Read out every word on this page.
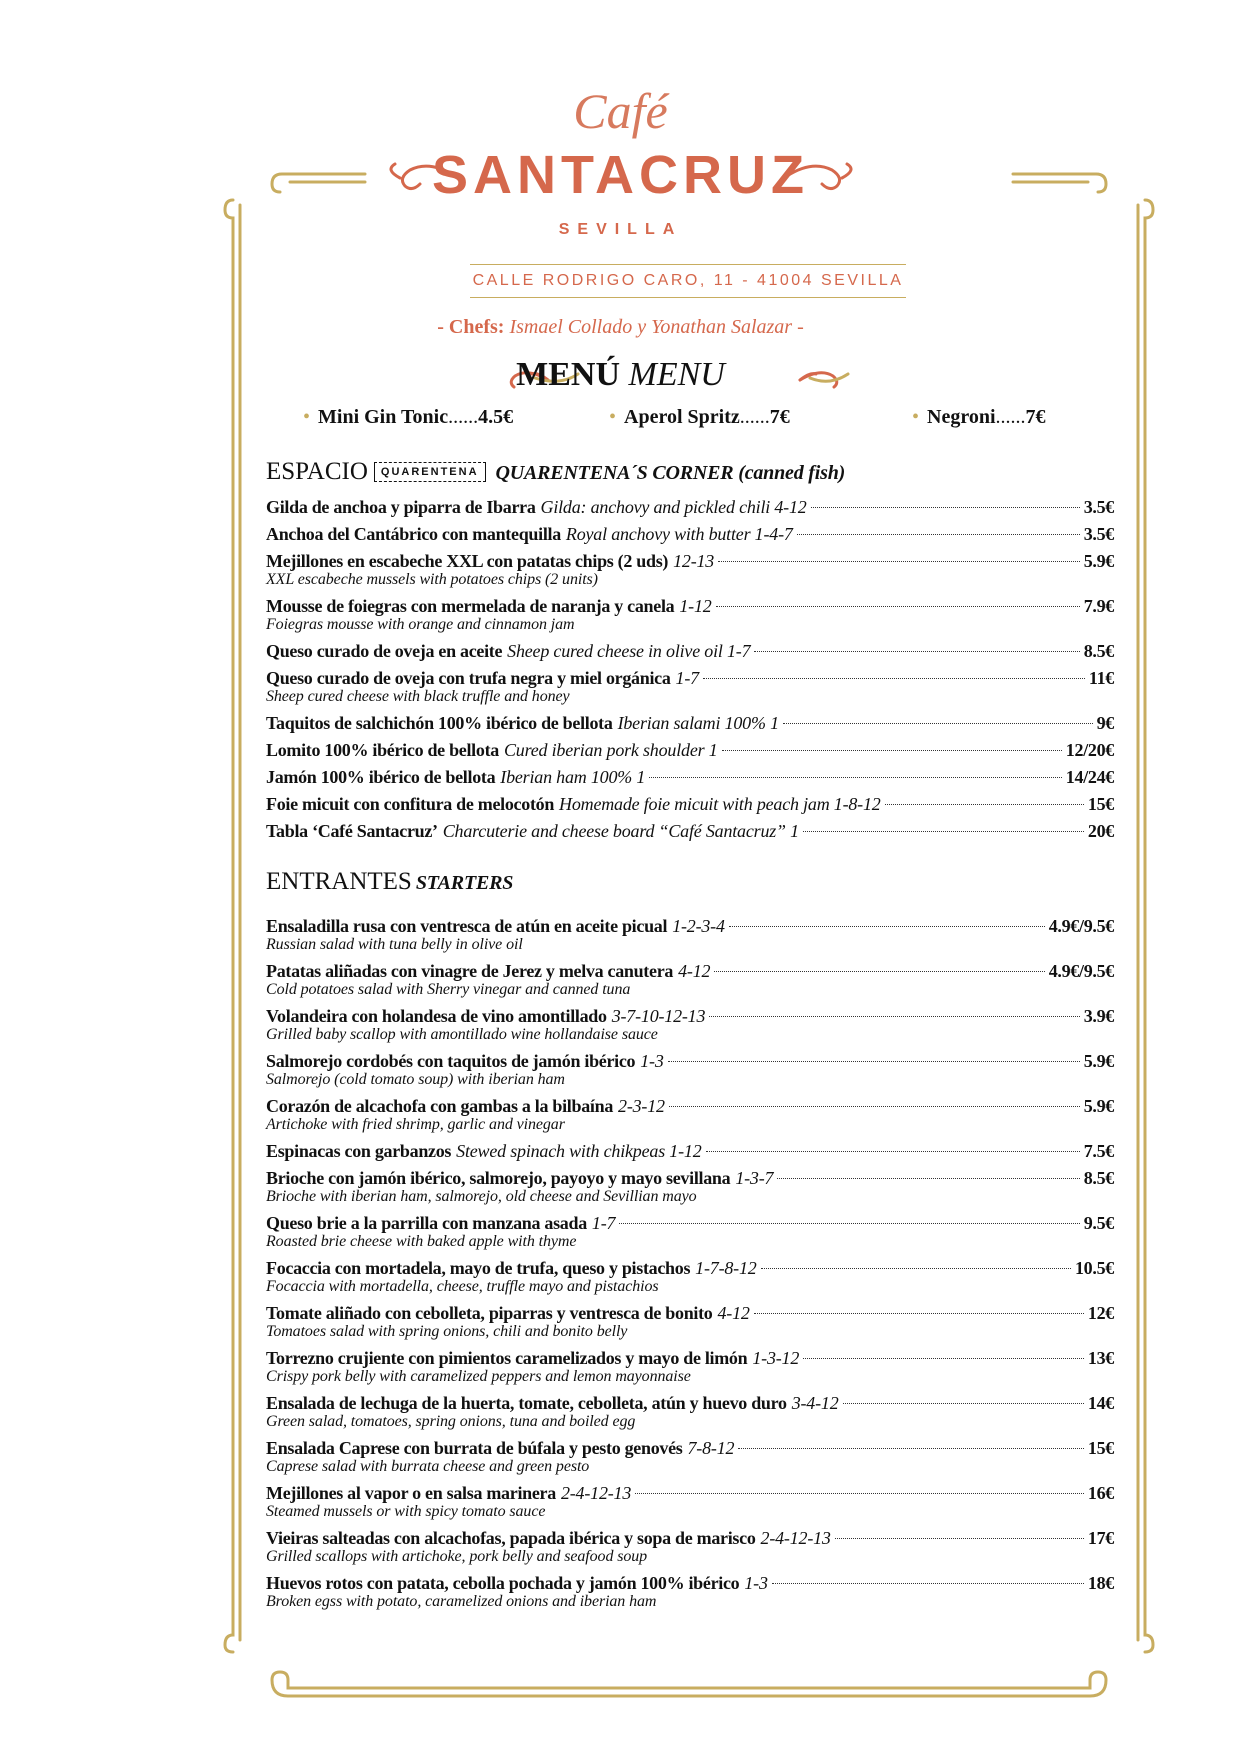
Café
SANTACRUZ
SEVILLA
CALLE RODRIGO CARO, 11 - 41004 SEVILLA
- Chefs: Ismael Collado y Yonathan Salazar -
MENÚ MENU
• Mini Gin Tonic......4.5€	• Aperol Spritz......7€	• Negroni......7€
ESPACIO QUARENTENA QUARENTENA´S CORNER (canned fish)
Gilda de anchoa y piparra de Ibarra Gilda: anchovy and pickled chili 4-12	3.5€
Anchoa del Cantábrico con mantequilla Royal anchovy with butter 1-4-7	3.5€
Mejillones en escabeche XXL con patatas chips (2 uds) 12-13	5.9€
XXL escabeche mussels with potatoes chips (2 units)
Mousse de foiegras con mermelada de naranja y canela 1-12	7.9€
Foiegras mousse with orange and cinnamon jam
Queso curado de oveja en aceite Sheep cured cheese in olive oil 1-7	8.5€
Queso curado de oveja con trufa negra y miel orgánica 1-7	11€
Sheep cured cheese with black truffle and honey
Taquitos de salchichón 100% ibérico de bellota Iberian salami 100% 1	9€
Lomito 100% ibérico de bellota Cured iberian pork shoulder 1	12/20€
Jamón 100% ibérico de bellota Iberian ham 100% 1	14/24€
Foie micuit con confitura de melocotón Homemade foie micuit with peach jam 1-8-12	15€
Tabla ‘Café Santacruz’ Charcuterie and cheese board “Café Santacruz” 1	20€
ENTRANTES STARTERS
Ensaladilla rusa con ventresca de atún en aceite picual 1-2-3-4	4.9€/9.5€
Russian salad with tuna belly in olive oil
Patatas aliñadas con vinagre de Jerez y melva canutera 4-12	4.9€/9.5€
Cold potatoes salad with Sherry vinegar and canned tuna
Volandeira con holandesa de vino amontillado 3-7-10-12-13	3.9€
Grilled baby scallop with amontillado wine hollandaise sauce
Salmorejo cordobés con taquitos de jamón ibérico 1-3	5.9€
Salmorejo (cold tomato soup) with iberian ham
Corazón de alcachofa con gambas a la bilbaína 2-3-12	5.9€
Artichoke with fried shrimp, garlic and vinegar
Espinacas con garbanzos Stewed spinach with chikpeas 1-12	7.5€
Brioche con jamón ibérico, salmorejo, payoyo y mayo sevillana 1-3-7	8.5€
Brioche with iberian ham, salmorejo, old cheese and Sevillian mayo
Queso brie a la parrilla con manzana asada 1-7	9.5€
Roasted brie cheese with baked apple with thyme
Focaccia con mortadela, mayo de trufa, queso y pistachos 1-7-8-12	10.5€
Focaccia with mortadella, cheese, truffle mayo and pistachios
Tomate aliñado con cebolleta, piparras y ventresca de bonito 4-12	12€
Tomatoes salad with spring onions, chili and bonito belly
Torrezno crujiente con pimientos caramelizados y mayo de limón 1-3-12	13€
Crispy pork belly with caramelized peppers and lemon mayonnaise
Ensalada de lechuga de la huerta, tomate, cebolleta, atún y huevo duro 3-4-12	14€
Green salad, tomatoes, spring onions, tuna and boiled egg
Ensalada Caprese con burrata de búfala y pesto genovés 7-8-12	15€
Caprese salad with burrata cheese and green pesto
Mejillones al vapor o en salsa marinera 2-4-12-13	16€
Steamed mussels or with spicy tomato sauce
Vieiras salteadas con alcachofas, papada ibérica y sopa de marisco 2-4-12-13	17€
Grilled scallops with artichoke, pork belly and seafood soup
Huevos rotos con patata, cebolla pochada y jamón 100% ibérico 1-3	18€
Broken egss with potato, caramelized onions and iberian ham
